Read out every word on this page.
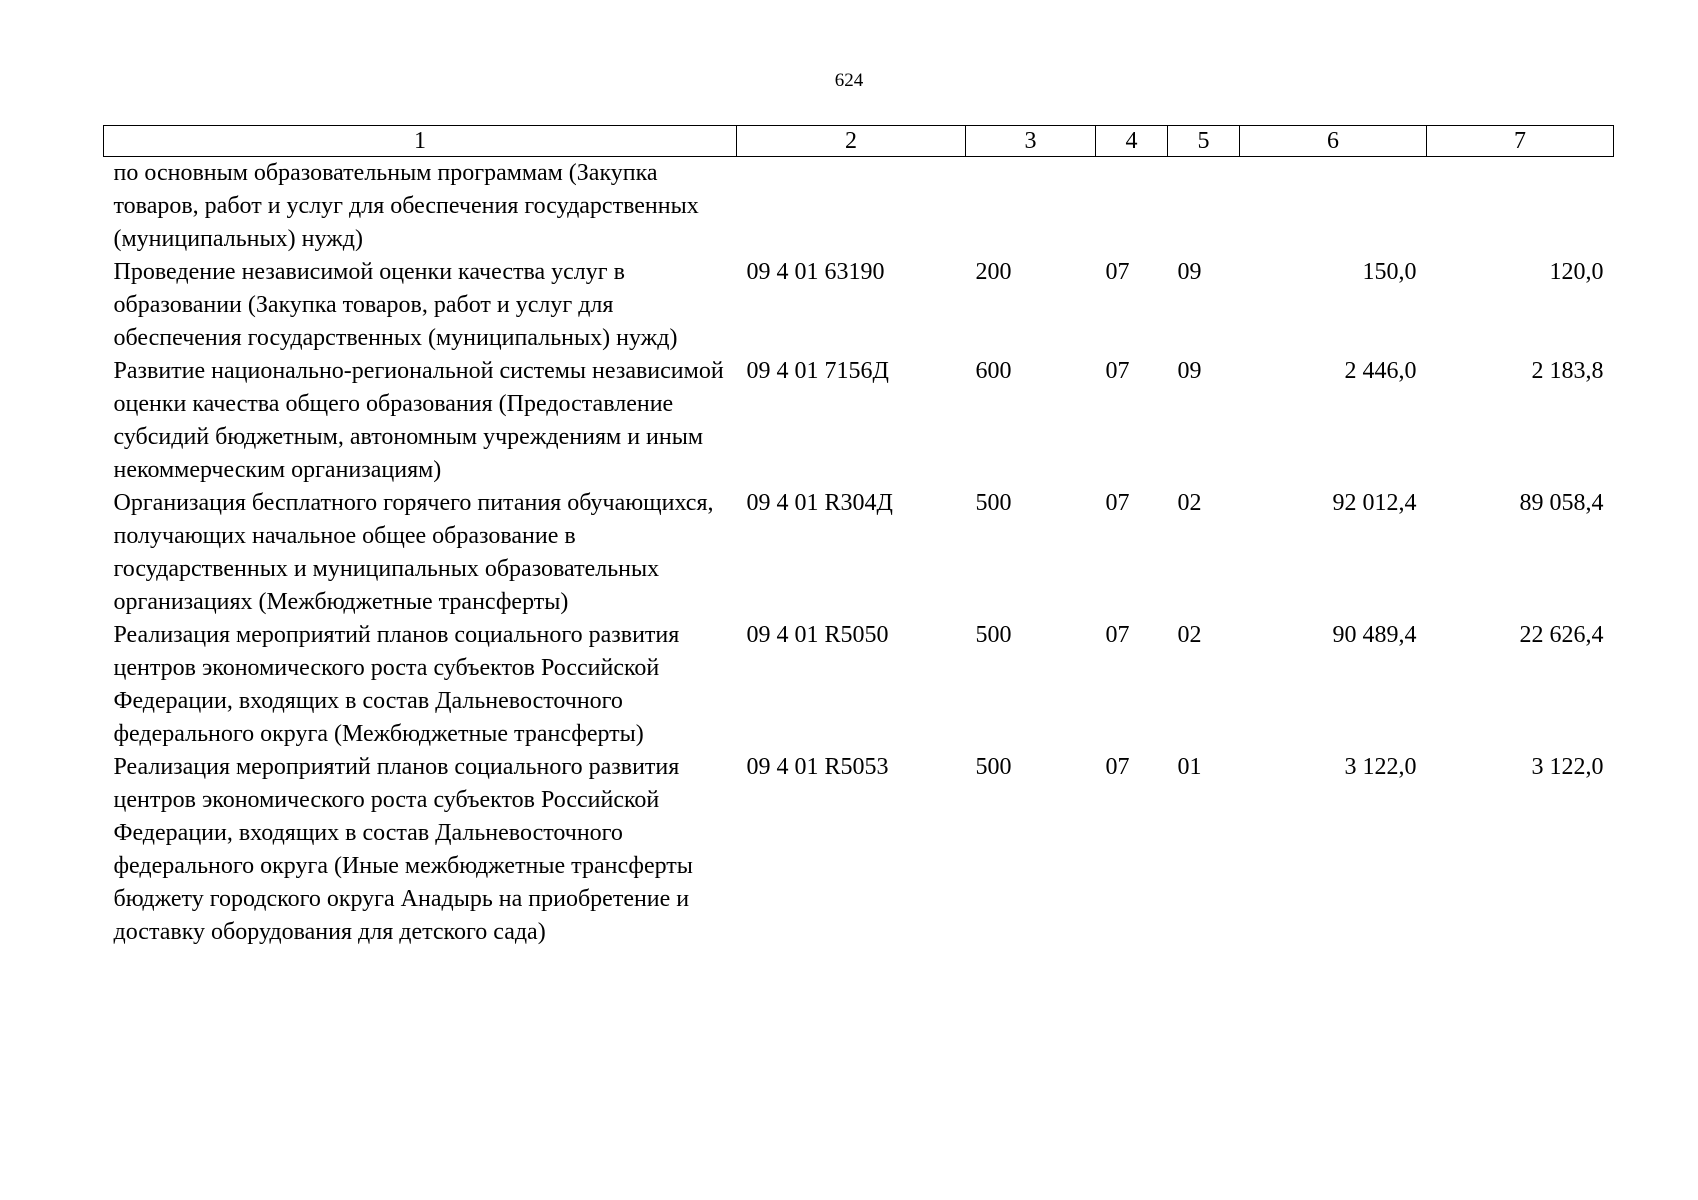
624
1	2	3	4	5	6	7
по основным образовательным программам (Закупка товаров, работ и услуг для обеспечения государственных (муниципальных) нужд)						
Проведение независимой оценки качества услуг в образовании (Закупка товаров, работ и услуг для обеспечения государственных (муниципальных) нужд)	09 4 01 63190	200	07	09	150,0	120,0
Развитие национально-региональной системы независимой оценки качества общего образования (Предоставление субсидий бюджетным, автономным учреждениям и иным некоммерческим организациям)	09 4 01 7156Д	600	07	09	2 446,0	2 183,8
Организация бесплатного горячего питания обучающихся, получающих начальное общее образование в государственных и муниципальных образовательных организациях (Межбюджетные трансферты)	09 4 01 R304Д	500	07	02	92 012,4	89 058,4
Реализация мероприятий планов социального развития центров экономического роста субъектов Российской Федерации, входящих в состав Дальневосточного федерального округа (Межбюджетные трансферты)	09 4 01 R5050	500	07	02	90 489,4	22 626,4
Реализация мероприятий планов социального развития центров экономического роста субъектов Российской Федерации, входящих в состав Дальневосточного федерального округа (Иные межбюджетные трансферты бюджету городского округа Анадырь на приобретение и доставку оборудования для детского сада)	09 4 01 R5053	500	07	01	3 122,0	3 122,0
